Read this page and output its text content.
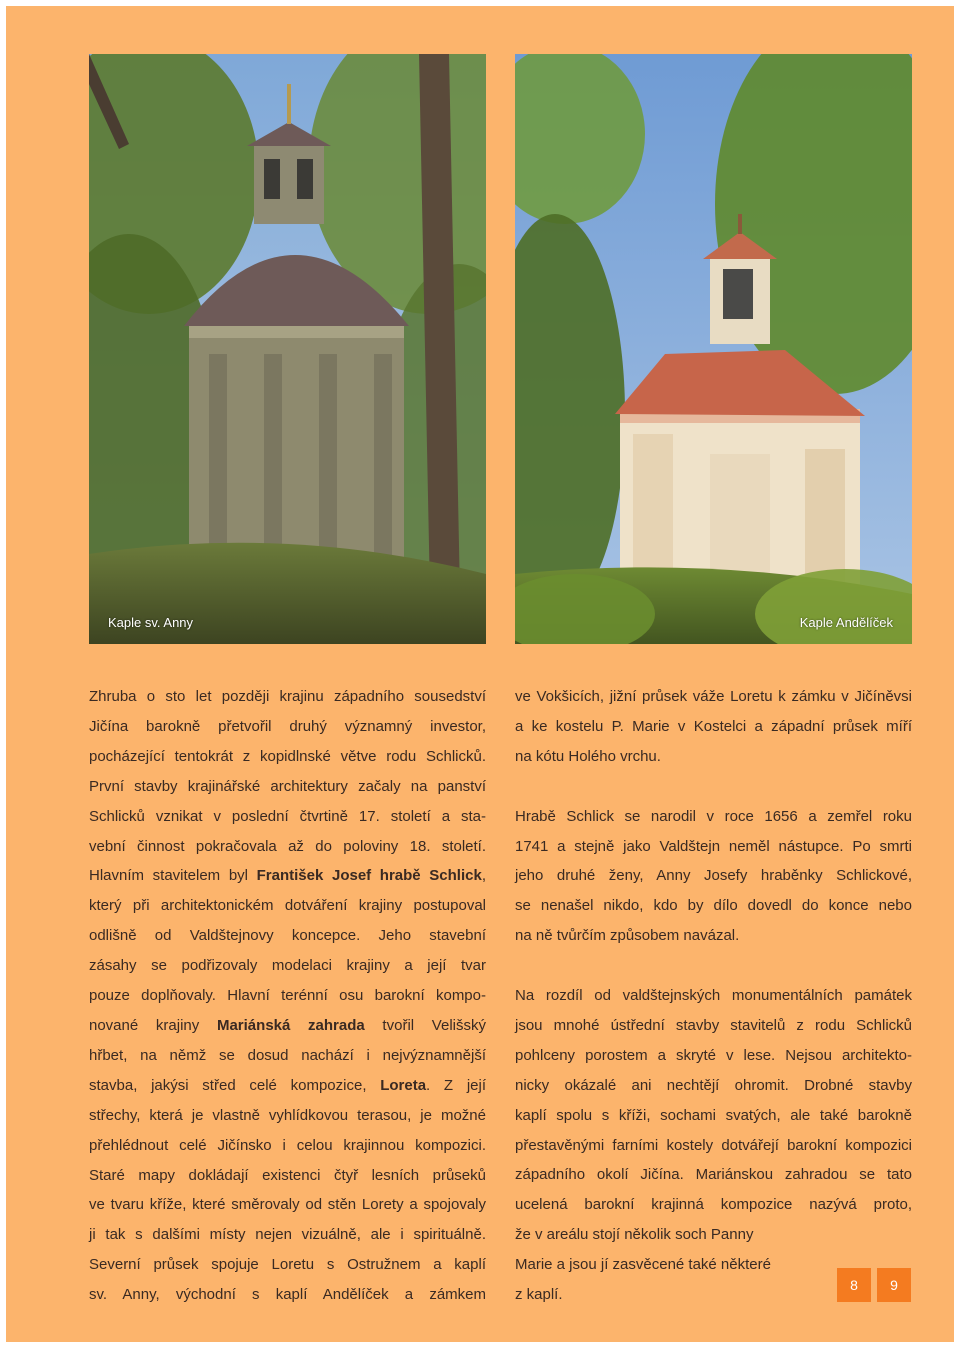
Kaple sv. Anny	Kaple Andělíček

Zhruba o sto let později krajinu západního sousedství

Jičína barokně přetvořil druhý významný investor,

pocházející tentokrát z kopidlnské větve rodu Schlicků.

První stavby krajinářské architektury začaly na panství

Schlicků vznikat v poslední čtvrtině 17. století a sta-

vební činnost pokračovala až do poloviny 18. století.

Hlavním stavitelem byl František Josef hrabě Schlick,

který při architektonickém dotváření krajiny postupoval

odlišně od Valdštejnovy koncepce. Jeho stavební

zásahy se podřizovaly modelaci krajiny a její tvar

pouze doplňovaly. Hlavní terénní osu barokní kompo-

nované krajiny Mariánská zahrada tvořil Velišský

hřbet, na němž se dosud nachází i nejvýznamnější

stavba, jakýsi střed celé kompozice, Loreta. Z její

střechy, která je vlastně vyhlídkovou terasou, je možné

přehlédnout celé Jičínsko i celou krajinnou kompozici.

Staré mapy dokládají existenci čtyř lesních průseků

ve tvaru kříže, které směrovaly od stěn Lorety a spojovaly

ji tak s dalšími místy nejen vizuálně, ale i spirituálně.

Severní průsek spojuje Loretu s Ostružnem a kaplí

sv. Anny, východní s kaplí Andělíček a zámkem

ve Vokšicích, jižní průsek váže Loretu k zámku v Jičíněvsi

a ke kostelu P. Marie v Kostelci a západní průsek míří

na kótu Holého vrchu.

Hrabě Schlick se narodil v roce 1656 a zemřel roku

1741 a stejně jako Valdštejn neměl nástupce. Po smrti

jeho druhé ženy, Anny Josefy hraběnky Schlickové,

se nenašel nikdo, kdo by dílo dovedl do konce nebo

na ně tvůrčím způsobem navázal.

Na rozdíl od valdštejnských monumentálních památek

jsou mnohé ústřední stavby stavitelů z rodu Schlicků

pohlceny porostem a skryté v lese. Nejsou architekto-

nicky okázalé ani nechtějí ohromit. Drobné stavby

kaplí spolu s kříži, sochami svatých, ale také barokně

přestavěnými farními kostely dotvářejí barokní kompozici

západního okolí Jičína. Mariánskou zahradou se tato

ucelená barokní krajinná kompozice nazývá proto,

že v areálu stojí několik soch Panny

Marie a jsou jí zasvěcené také některé

z kaplí.

8	9
